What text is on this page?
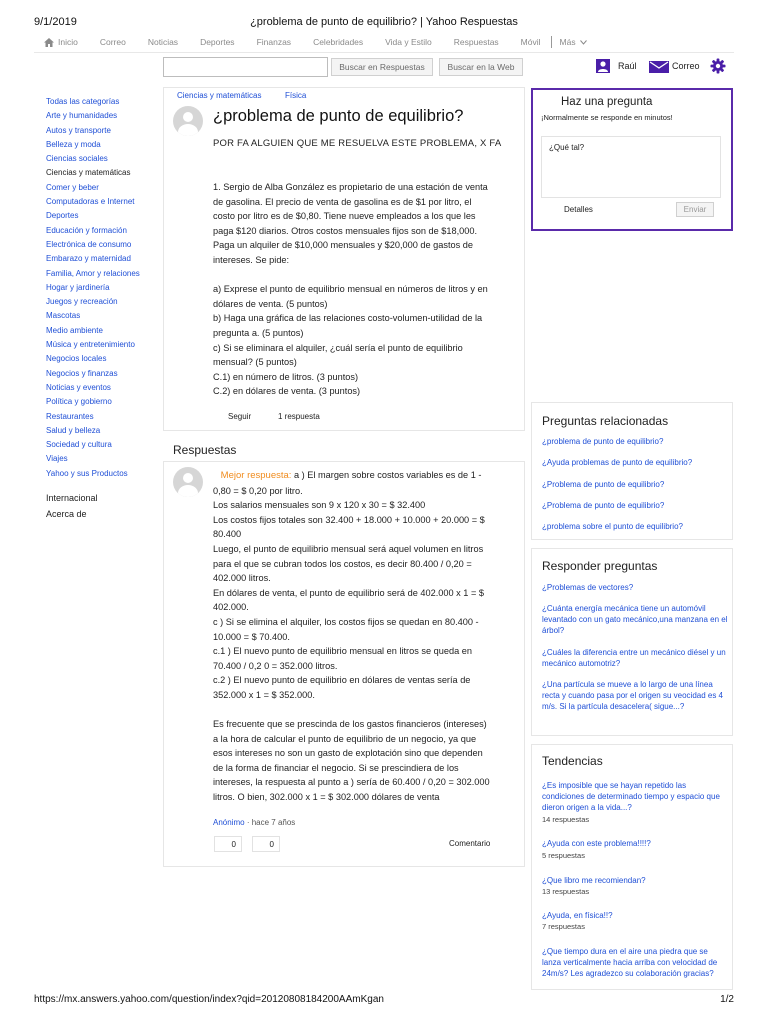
9/1/2019	¿problema de punto de equilibrio? | Yahoo Respuestas
Inicio	Correo	Noticias	Deportes	Finanzas	Celebridades	Vida y Estilo	Respuestas	Móvil Más
Buscar en Respuestas	Buscar en la Web	Raúl	Correo
Todas las categorías
Arte y humanidades
Autos y transporte
Belleza y moda
Ciencias sociales
Ciencias y matemáticas
Comer y beber
Computadoras e Internet
Deportes
Educación y formación
Electrónica de consumo
Embarazo y maternidad
Familia, Amor y relaciones
Hogar y jardinería
Juegos y recreación
Mascotas
Medio ambiente
Música y entretenimiento
Negocios locales
Negocios y finanzas
Noticias y eventos
Política y gobierno
Restaurantes
Salud y belleza
Sociedad y cultura
Viajes
Yahoo y sus Productos
Internacional
Acerca de
Ciencias y matemáticas	Física
¿problema de punto de equilibrio?
POR FA ALGUIEN QUE ME RESUELVA ESTE PROBLEMA, X FA
1. Sergio de Alba González es propietario de una estación de venta
de gasolina. El precio de venta de gasolina es de $1 por litro, el
costo por litro es de $0,80. Tiene nueve empleados a los que les
paga $120 diarios. Otros costos mensuales fijos son de $18,000.
Paga un alquiler de $10,000 mensuales y $20,000 de gastos de
intereses. Se pide:

a) Exprese el punto de equilibrio mensual en números de litros y en
dólares de venta. (5 puntos)
b) Haga una gráfica de las relaciones costo-volumen-utilidad de la
pregunta a. (5 puntos)
c) Si se eliminara el alquiler, ¿cuál sería el punto de equilibrio
mensual? (5 puntos)
C.1) en número de litros. (3 puntos)
C.2) en dólares de venta. (3 puntos)
Seguir	1 respuesta
Respuestas
Mejor respuesta: a ) El margen sobre costos variables es de 1 -
0,80 = $ 0,20 por litro.
Los salarios mensuales son 9 x 120 x 30 = $ 32.400
Los costos fijos totales son 32.400 + 18.000 + 10.000 + 20.000 = $
80.400
Luego, el punto de equilibrio mensual será aquel volumen en litros
para el que se cubran todos los costos, es decir 80.400 / 0,20 =
402.000 litros.
En dólares de venta, el punto de equilibrio será de 402.000 x 1 = $
402.000.
c ) Si se elimina el alquiler, los costos fijos se quedan en 80.400 -
10.000 = $ 70.400.
c.1 ) El nuevo punto de equilibrio mensual en litros se queda en
70.400 / 0,2 0 = 352.000 litros.
c.2 ) El nuevo punto de equilibrio en dólares de ventas sería de
352.000 x 1 = $ 352.000.

Es frecuente que se prescinda de los gastos financieros (intereses)
a la hora de calcular el punto de equilibrio de un negocio, ya que
esos intereses no son un gasto de explotación sino que dependen
de la forma de financiar el negocio. Si se prescindiera de los
intereses, la respuesta al punto a ) sería de 60.400 / 0,20 = 302.000
litros. O bien, 302.000 x 1 = $ 302.000 dólares de venta
Anónimo · hace 7 años
0	0	Comentario
Haz una pregunta
¡Normalmente se responde en minutos!
¿Qué tal?
Detalles	Enviar
Preguntas relacionadas
¿problema de punto de equilibrio?
¿Ayuda problemas de punto de equilibrio?
¿Problema de punto de equilibrio?
¿Problema de punto de equilibrio?
¿problema sobre el punto de equilibrio?
Responder preguntas
¿Problemas de vectores?
¿Cuánta energía mecánica tiene un automóvil levantado con un gato mecánico,una manzana en el árbol?
¿Cuáles la diferencia entre un mecánico diésel y un mecánico automotriz?
¿Una partícula se mueve a lo largo de una línea recta y cuando pasa por el origen su veocidad es 4 m/s. Si la partícula desacelera( sigue...?
Tendencias
¿Es imposible que se hayan repetido las condiciones de determinado tiempo y espacio que dieron origen a la vida...?
14 respuestas
¿Ayuda con este problema!!!!?
5 respuestas
¿Que libro me recomiendan?
13 respuestas
¿Ayuda, en física!!?
7 respuestas
¿Que tiempo dura en el aire una piedra que se lanza verticalmente hacia arriba con velocidad de 24m/s? Les agradezco su colaboración gracias?
https://mx.answers.yahoo.com/question/index?qid=20120808184200AAmKgan	1/2
